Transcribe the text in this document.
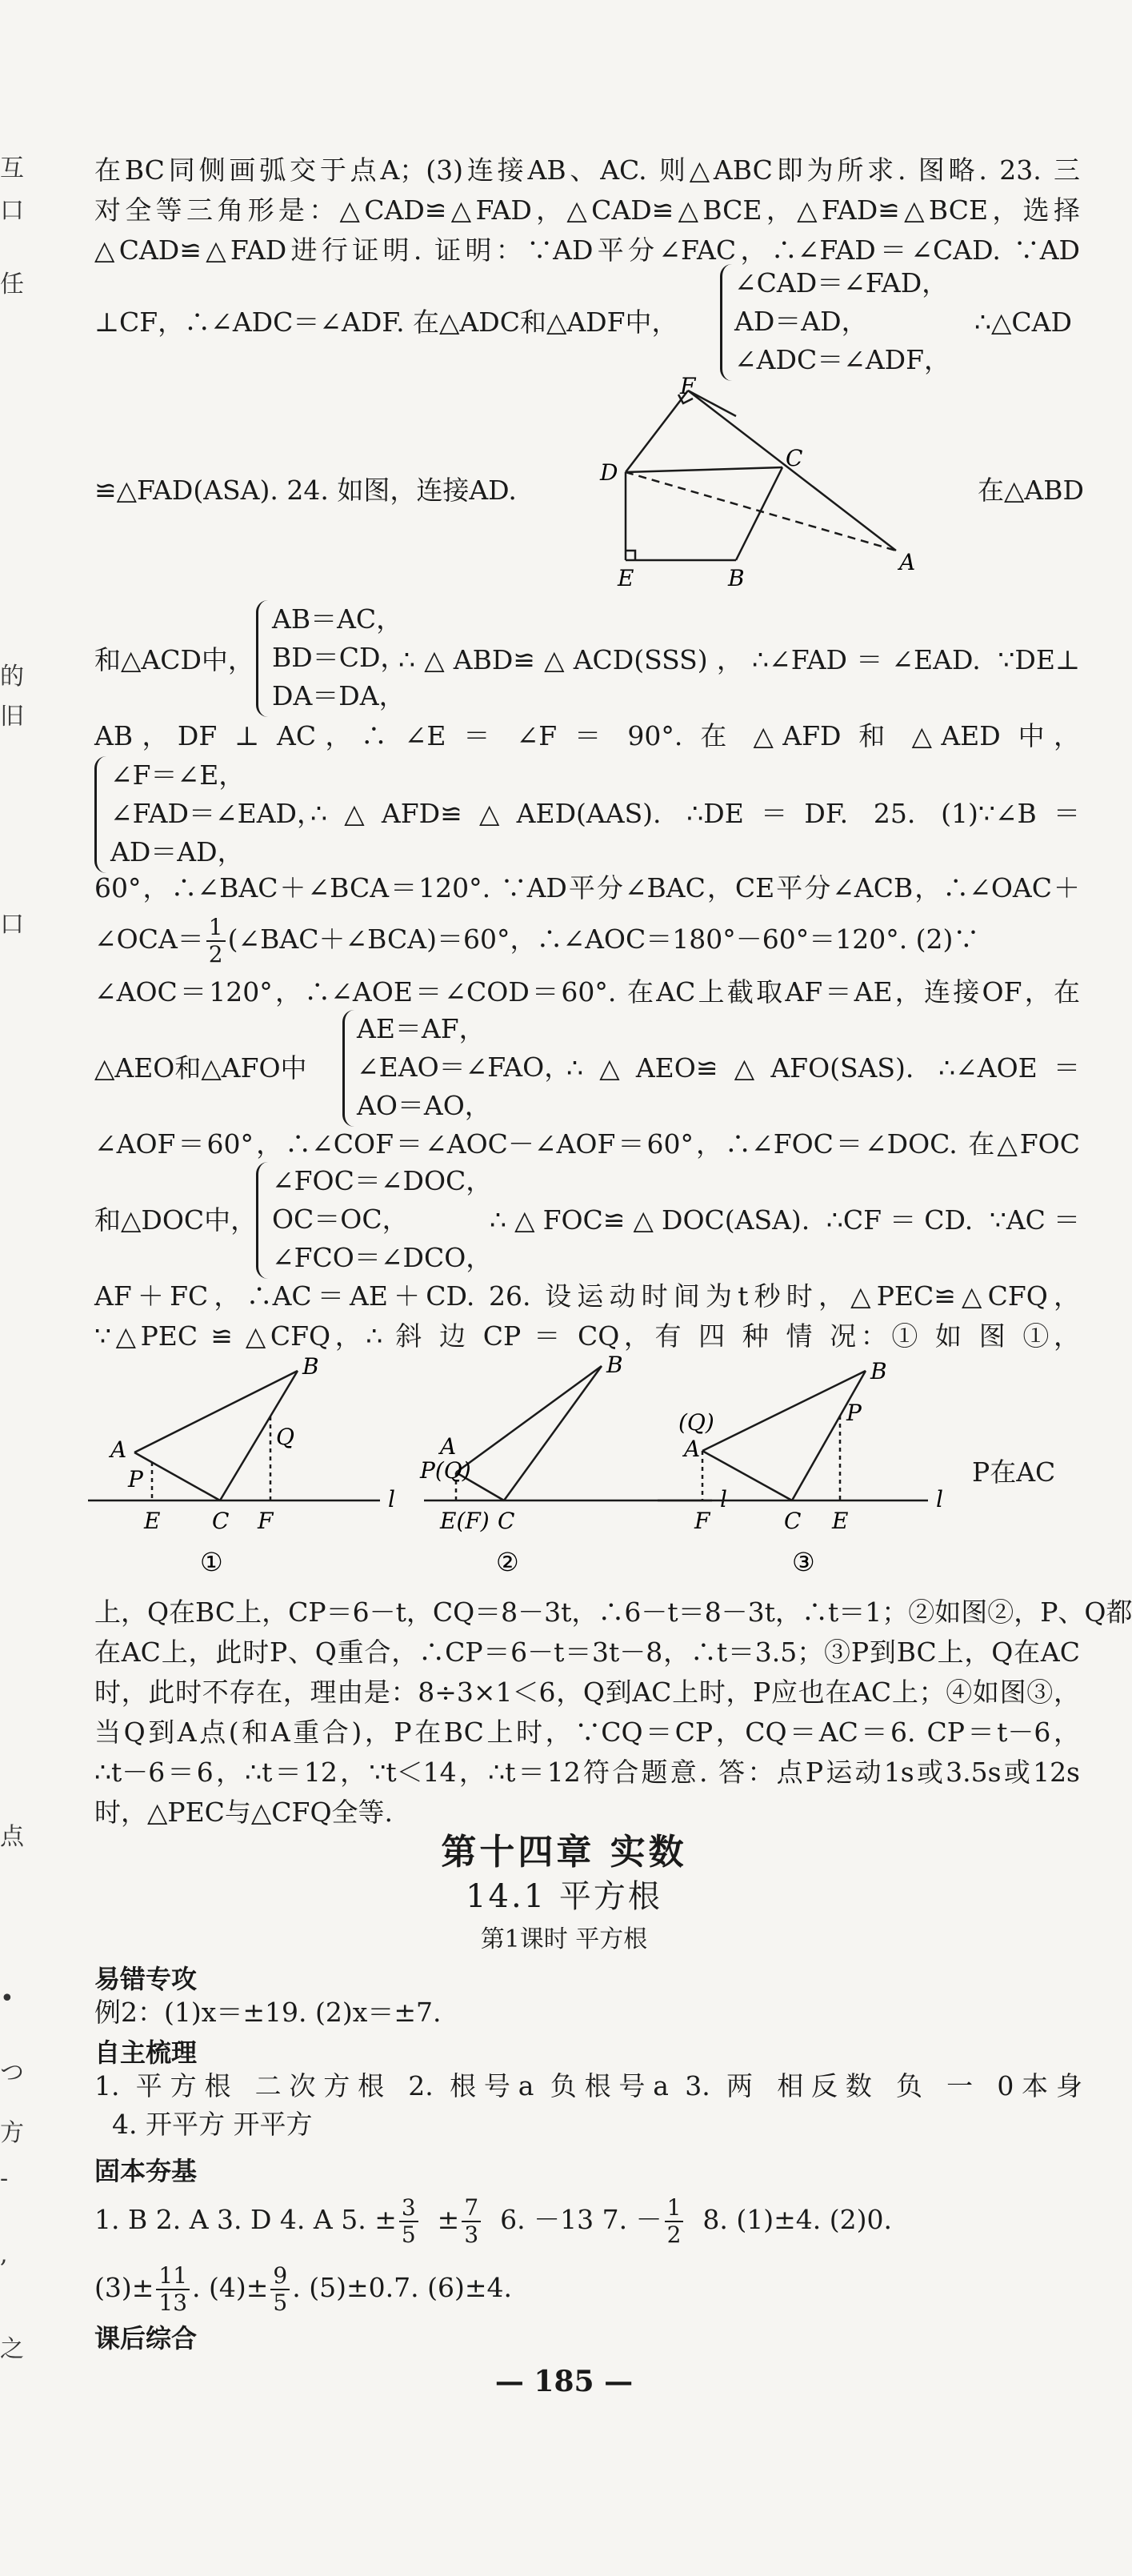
互
口
任
的
旧
口
点
•
つ
方
-
,
之
在BC同侧画弧交于点A；(3)连接AB、AC. 则△ABC即为所求. 图略. 23. 三
对全等三角形是：△CAD≌△FAD，△CAD≌△BCE，△FAD≌△BCE，选择
△CAD≌△FAD进行证明. 证明：∵AD平分∠FAC，∴∠FAD＝∠CAD. ∵AD
⊥CF，∴∠ADC＝∠ADF. 在△ADC和△ADF中，
∠CAD＝∠FAD，
AD＝AD，
∠ADC＝∠ADF，
∴△CAD
F
C
D
A
E	B
≌△FAD(ASA). 24. 如图，连接AD.	在△ABD
和△ACD中，
AB＝AC，
BD＝CD，
DA＝DA，
∴△ABD≌△ACD(SSS)，∴∠FAD＝∠EAD. ∵DE⊥
AB，DF ⊥ AC，∴ ∠E ＝ ∠F ＝ 90°. 在 △AFD 和 △AED 中，
∠F＝∠E，
∠FAD＝∠EAD，
AD＝AD，
∴△AFD≌△AED(AAS). ∴DE＝DF. 25. (1)∵∠B＝
60°，∴∠BAC＋∠BCA＝120°. ∵AD平分∠BAC，CE平分∠ACB，∴∠OAC＋
∠OCA＝ $\frac{1}{2}$ (∠BAC＋∠BCA)＝60°，∴∠AOC＝180°－60°＝120°. (2)∵
∠AOC＝120°，∴∠AOE＝∠COD＝60°. 在AC上截取AF＝AE，连接OF，在
△AEO和△AFO中
AE＝AF，
∠EAO＝∠FAO，
AO＝AO，
∴△AEO≌△AFO(SAS). ∴∠AOE＝
∠AOF＝60°，∴∠COF＝∠AOC－∠AOF＝60°，∴∠FOC＝∠DOC. 在△FOC
和△DOC中，
∠FOC＝∠DOC，
OC＝OC，
∠FCO＝∠DCO，
∴△FOC≌△DOC(ASA). ∴CF＝CD. ∵AC＝
AF＋FC，∴AC＝AE＋CD. 26. 设运动时间为t秒时，△PEC≌△CFQ，
∵△PEC ≌ △CFQ，∴ 斜 边 CP ＝ CQ，有 四 种 情 况：① 如 图 ①，
B
A	Q
P
E C F
l
①
B
A
P(Q)
E(F) C
l
②
B
(Q)
A
P
F	C E
l
③
P在AC
上，Q在BC上，CP＝6－t，CQ＝8－3t，∴6－t＝8－3t，∴t＝1；②如图②，P、Q都
在AC上，此时P、Q重合，∴CP＝6－t＝3t－8，∴t＝3.5；③P到BC上，Q在AC
时，此时不存在，理由是：8÷3×1＜6，Q到AC上时，P应也在AC上；④如图③，
当Q到A点(和A重合)，P在BC上时，∵CQ＝CP，CQ＝AC＝6. CP＝t－6，
∴t－6＝6，∴t＝12，∵t＜14，∴t＝12符合题意. 答：点P运动1s或3.5s或12s
时，△PEC与△CFQ全等.
第十四章 实数
14.1 平方根
第1课时 平方根
易错专攻
例2：(1)x＝±19. (2)x＝±7.
自主梳理
1. 平方根 二次方根 2. 根号a 负根号a 3. 两 相反数 负 一 0本身
4. 开平方 开平方
固本夯基
1. B 2. A 3. D 4. A 5. ± $\frac{3}{5} \pm \frac{7}{3} 6$. －13 7. － $\frac{1}{2} 8$. (1)±4. (2)0.
$(3)\pm \frac{11}{13}$ . $(4)\pm \frac{9}{5}$ . (5)±0.7. (6)±4.
课后综合
— 185 —
